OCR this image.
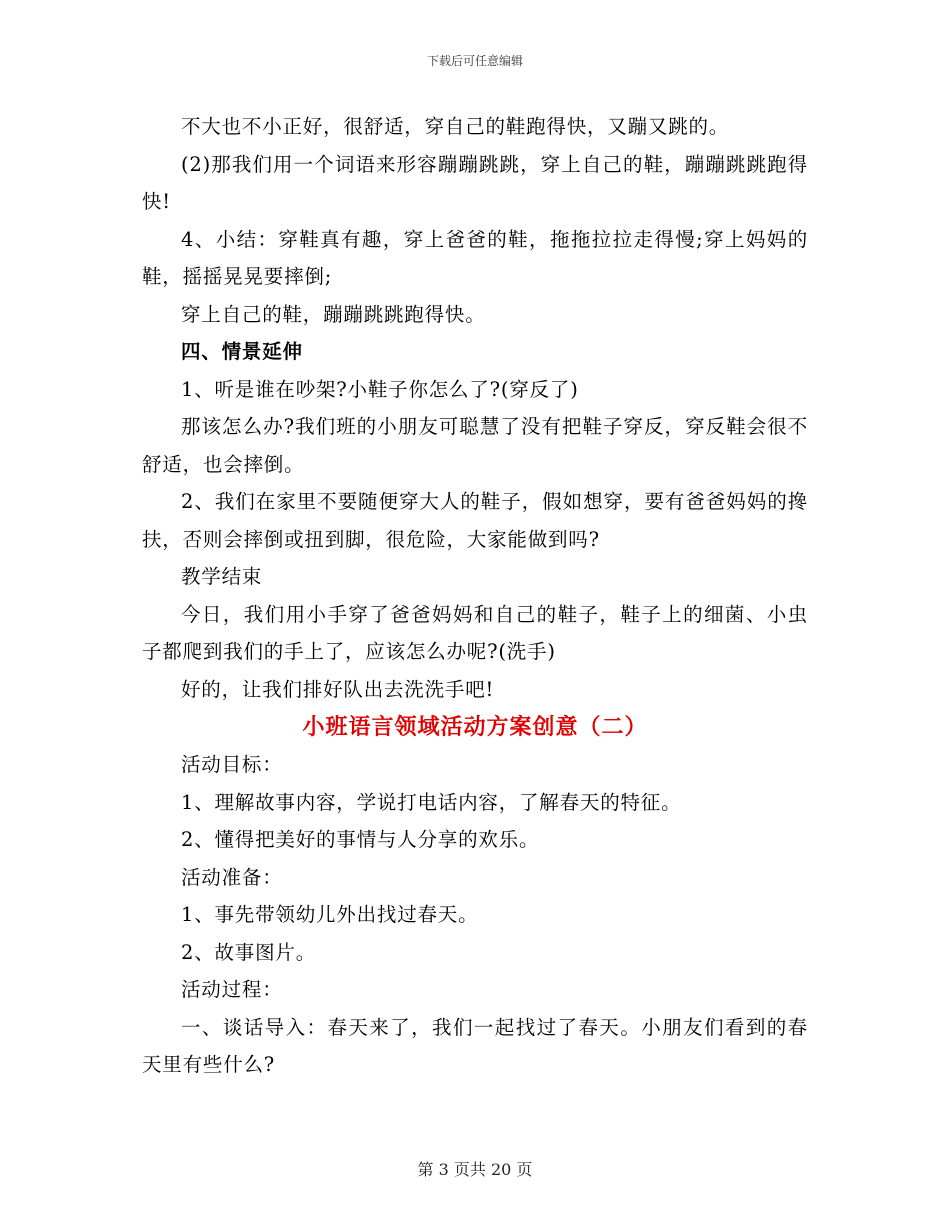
下载后可任意编辑

不大也不小正好，很舒适，穿自己的鞋跑得快，又蹦又跳的。

(2)那我们用一个词语来形容蹦蹦跳跳，穿上自己的鞋，蹦蹦跳跳跑得快!

4、小结：穿鞋真有趣，穿上爸爸的鞋，拖拖拉拉走得慢;穿上妈妈的鞋，摇摇晃晃要摔倒;

穿上自己的鞋，蹦蹦跳跳跑得快。

四、情景延伸

1、听是谁在吵架?小鞋子你怎么了?(穿反了)

那该怎么办?我们班的小朋友可聪慧了没有把鞋子穿反，穿反鞋会很不舒适，也会摔倒。

2、我们在家里不要随便穿大人的鞋子，假如想穿，要有爸爸妈妈的搀扶，否则会摔倒或扭到脚，很危险，大家能做到吗?

教学结束

今日，我们用小手穿了爸爸妈妈和自己的鞋子，鞋子上的细菌、小虫子都爬到我们的手上了，应该怎么办呢?(洗手)

好的，让我们排好队出去洗洗手吧!

小班语言领域活动方案创意（二）

活动目标：

1、理解故事内容，学说打电话内容，了解春天的特征。

2、懂得把美好的事情与人分享的欢乐。

活动准备：

1、事先带领幼儿外出找过春天。

2、故事图片。

活动过程：

一、谈话导入：春天来了，我们一起找过了春天。小朋友们看到的春天里有些什么?

第 3 页共 20 页
